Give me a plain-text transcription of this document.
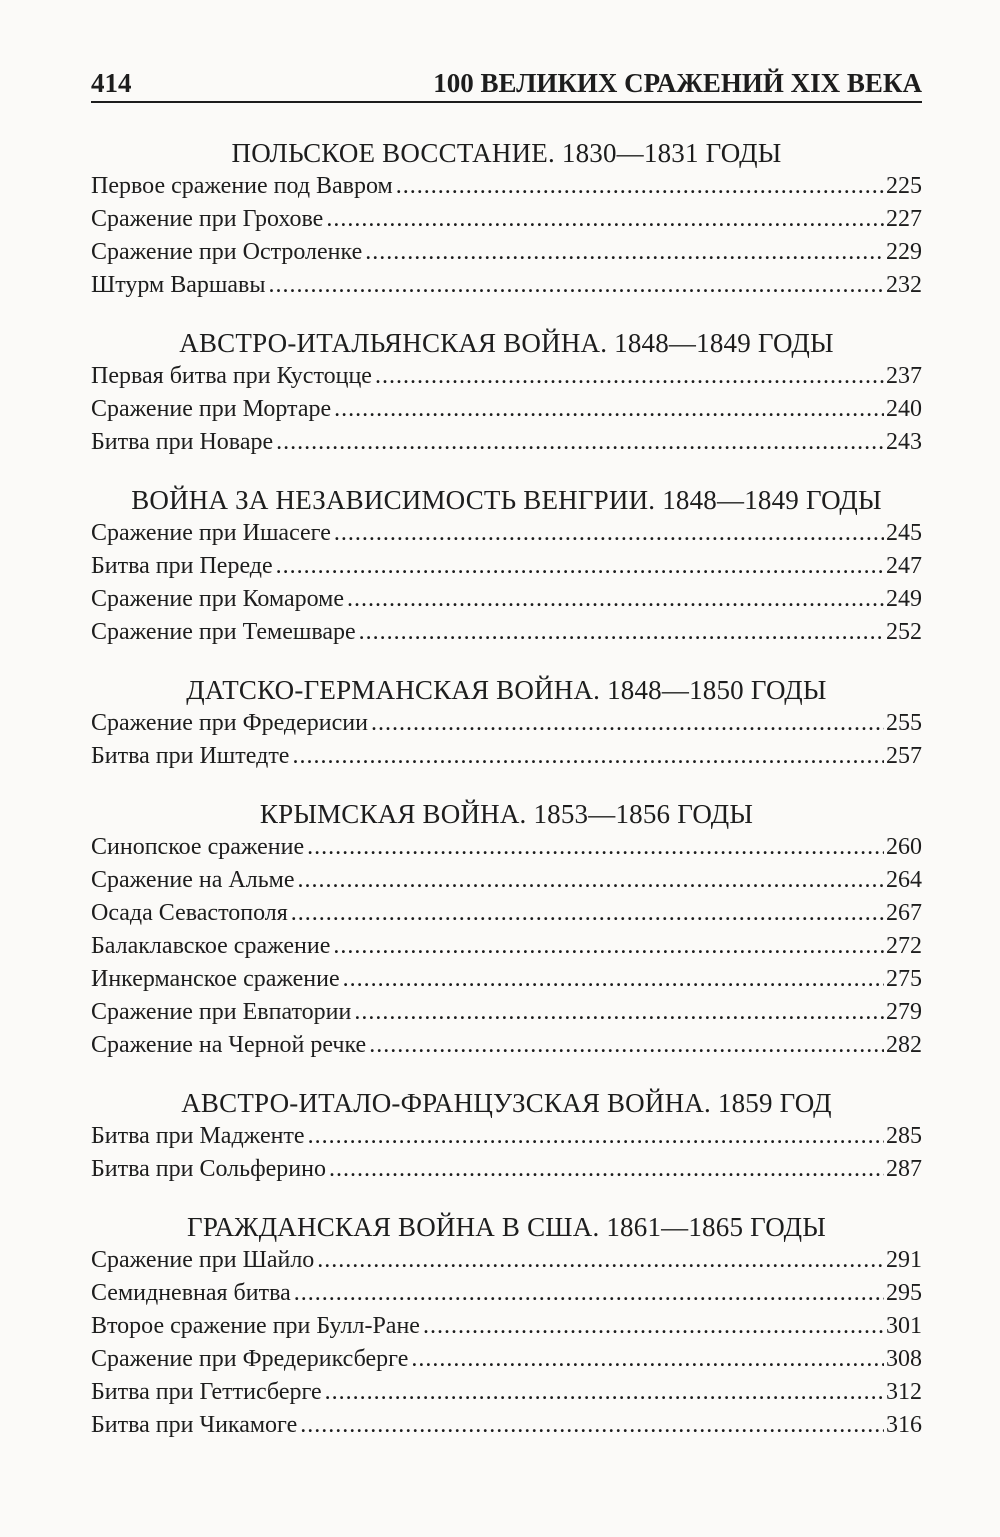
414	100 ВЕЛИКИХ СРАЖЕНИЙ XIX ВЕКА
ПОЛЬСКОЕ ВОССТАНИЕ. 1830—1831 ГОДЫ
Первое сражение под Вавром .....	225
Сражение при Грохове .....	227
Сражение при Остроленке .....	229
Штурм Варшавы .....	232
АВСТРО-ИТАЛЬЯНСКАЯ ВОЙНА. 1848—1849 ГОДЫ
Первая битва при Кустоцце .....	237
Сражение при Мортаре .....	240
Битва при Новаре .....	243
ВОЙНА ЗА НЕЗАВИСИМОСТЬ ВЕНГРИИ. 1848—1849 ГОДЫ
Сражение при Ишасеге .....	245
Битва при Переде .....	247
Сражение при Комароме .....	249
Сражение при Темешваре .....	252
ДАТСКО-ГЕРМАНСКАЯ ВОЙНА. 1848—1850 ГОДЫ
Сражение при Фредерисии .....	255
Битва при Иштедте .....	257
КРЫМСКАЯ ВОЙНА. 1853—1856 ГОДЫ
Синопское сражение .....	260
Сражение на Альме .....	264
Осада Севастополя .....	267
Балаклавское сражение .....	272
Инкерманское сражение .....	275
Сражение при Евпатории .....	279
Сражение на Черной речке .....	282
АВСТРО-ИТАЛО-ФРАНЦУЗСКАЯ ВОЙНА. 1859 ГОД
Битва при Мадженте .....	285
Битва при Сольферино .....	287
ГРАЖДАНСКАЯ ВОЙНА В США. 1861—1865 ГОДЫ
Сражение при Шайло .....	291
Семидневная битва .....	295
Второе сражение при Булл-Ране .....	301
Сражение при Фредериксберге .....	308
Битва при Геттисберге .....	312
Битва при Чикамоге .....	316
